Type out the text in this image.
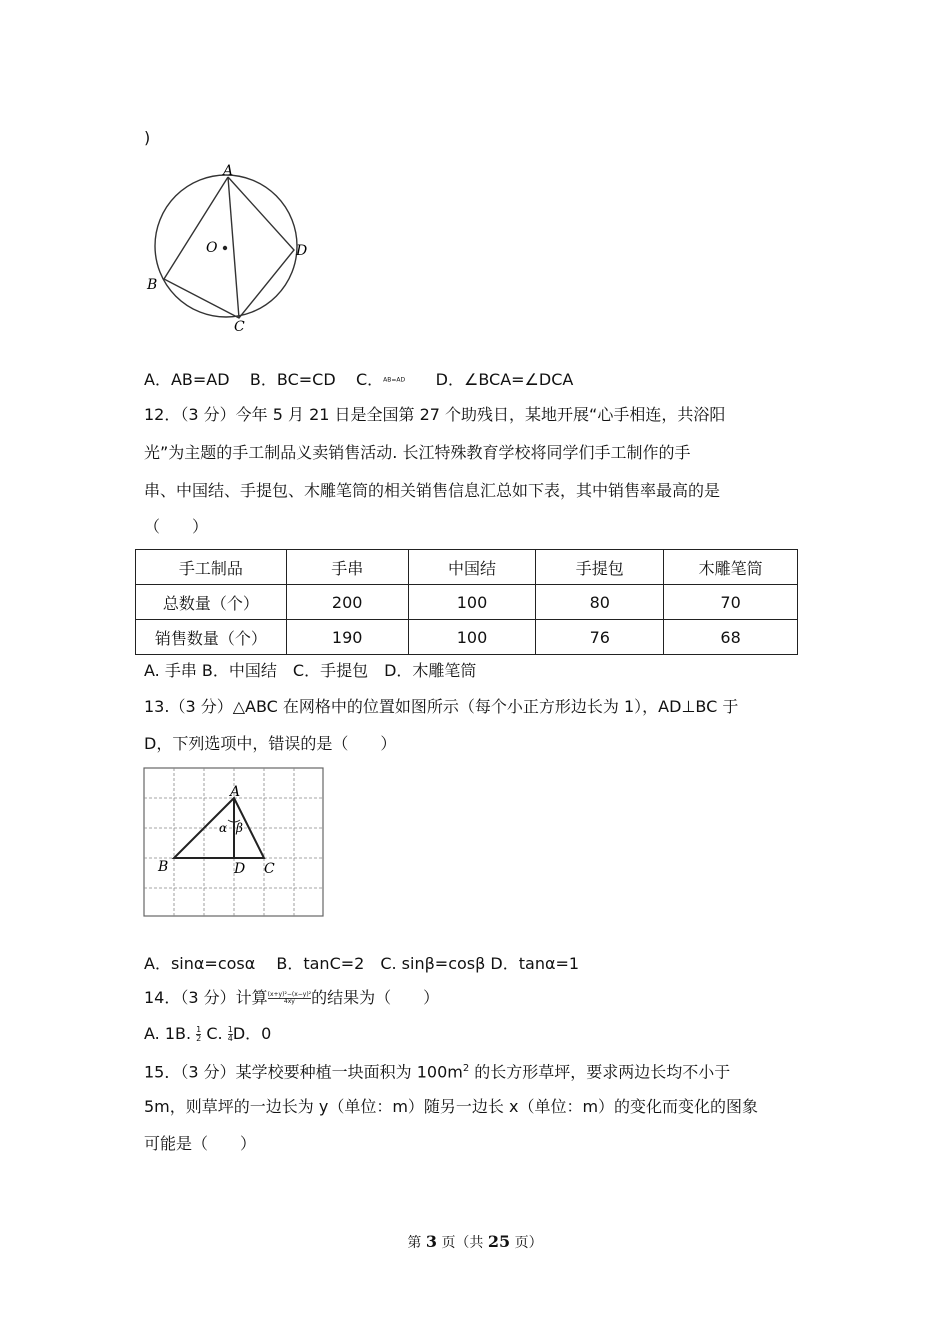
)
A
B
C
D
O
A．AB=AD B．BC=CD C．AB=AD D．∠BCA=∠DCA
12．（3 分）今年 5 月 21 日是全国第 27 个助残日，某地开展“心手相连，共浴阳
光”为主题的手工制品义卖销售活动. 长江特殊教育学校将同学们手工制作的手
串、中国结、手提包、木雕笔筒的相关销售信息汇总如下表，其中销售率最高的是
（　　）
手工制品	手串	中国结	手提包	木雕笔筒
总数量（个）	200	100	80	70
销售数量（个）	190	100	76	68
A. 手串 B．中国结　C．手提包　D．木雕笔筒
13.（3 分）△ABC 在网格中的位置如图所示（每个小正方形边长为 1），AD⊥BC 于
D，下列选项中，错误的是（　　）
A
B	D C
α β
A．sinα=cosα　 B．tanC=2　C. sinβ=cosβ D．tanα=1
14．（3 分）计算 $\frac{\text{(x+y)²−(x−y)²}}{4xy}$ 的结果为（　　）
A. 1B. $\frac{1}{2} C$. $\frac{1}{4}$ D．0
15．（3 分）某学校要种植一块面积为 $100m^2$ 的长方形草坪，要求两边长均不小于
5m，则草坪的一边长为 y（单位：m）随另一边长 x（单位：m）的变化而变化的图象
可能是（　　）
第 3 页（共 25 页）
